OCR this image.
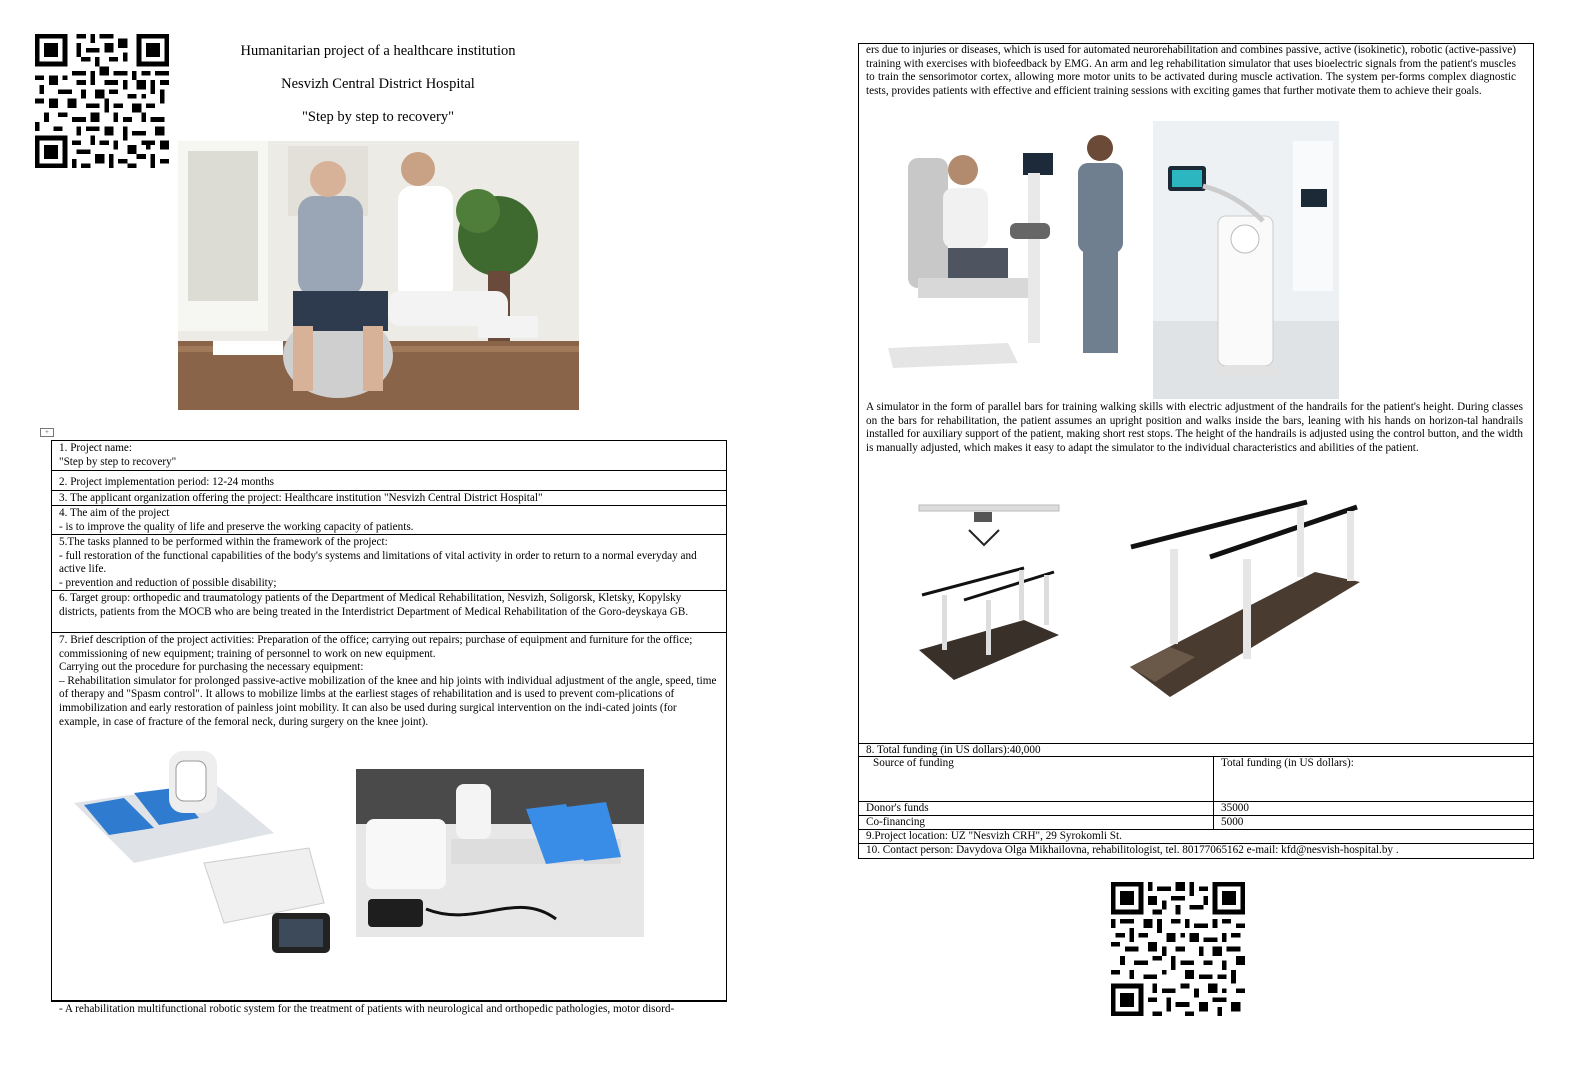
Humanitarian project of a healthcare institution
Nesvizh Central District Hospital
"Step by step to recovery"
+
1. Project name:
"Step by step to recovery"
2. Project implementation period: 12-24 months
3. The applicant organization offering the project: Healthcare institution "Nesvizh Central District Hospital"
4. The aim of the project
- is to improve the quality of life and preserve the working capacity of patients.
5.The tasks planned to be performed within the framework of the project:
- full restoration of the functional capabilities of the body's systems and limitations of vital activity in order to return to a normal everyday and active life.
- prevention and reduction of possible disability;
6. Target group: orthopedic and traumatology patients of the Department of Medical Rehabilitation, Nesvizh, Soligorsk, Kletsky, Kopylsky districts, patients from the MOCB who are being treated in the Interdistrict Department of Medical Rehabilitation of the Goro-deyskaya GB.
7. Brief description of the project activities: Preparation of the office; carrying out repairs; purchase of equipment and furniture for the office; commissioning of new equipment; training of personnel to work on new equipment.
Carrying out the procedure for purchasing the necessary equipment:
– Rehabilitation simulator for prolonged passive-active mobilization of the knee and hip joints with individual adjustment of the angle, speed, time of therapy and "Spasm control". It allows to mobilize limbs at the earliest stages of rehabilitation and is used to prevent com-plications of immobilization and early restoration of painless joint mobility. It can also be used during surgical intervention on the indi-cated joints (for example, in case of fracture of the femoral neck, during surgery on the knee joint).
- A rehabilitation multifunctional robotic system for the treatment of patients with neurological and orthopedic pathologies, motor disord-
ers due to injuries or diseases, which is used for automated neurorehabilitation and combines passive, active (isokinetic), robotic (active-passive) training with exercises with biofeedback by EMG. An arm and leg rehabilitation simulator that uses bioelectric signals from the patient's muscles to train the sensorimotor cortex, allowing more motor units to be activated during muscle activation. The system per-forms complex diagnostic tests, provides patients with effective and efficient training sessions with exciting games that further motivate them to achieve their goals.
A simulator in the form of parallel bars for training walking skills with electric adjustment of the handrails for the patient's height. During classes on the bars for rehabilitation, the patient assumes an upright position and walks inside the bars, leaning with his hands on horizon-tal handrails installed for auxiliary support of the patient, making short rest stops. The height of the handrails is adjusted using the control button, and the width is manually adjusted, which makes it easy to adapt the simulator to the individual characteristics and abilities of the patient.
8. Total funding (in US dollars):40,000
Source of funding	Total funding (in US dollars):
Donor's funds	35000
Co-financing	5000
9.Project location: UZ "Nesvizh CRH", 29 Syrokomli St.
10. Contact person: Davydova Olga Mikhailovna, rehabilitologist, tel. 80177065162 e-mail: kfd@nesvish-hospital.by .
